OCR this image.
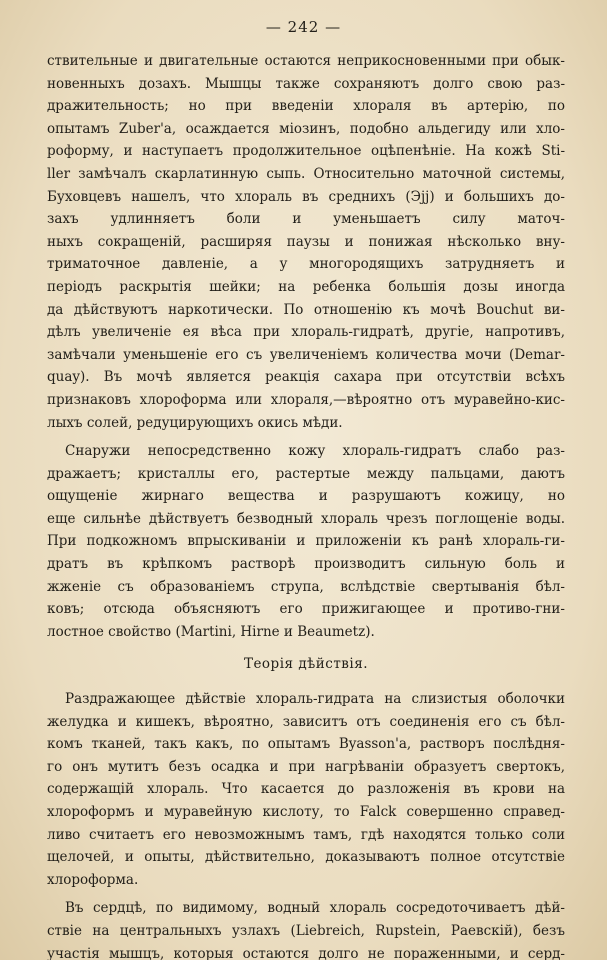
— 242 —
ствительные и двигательные остаются неприкосновенными при обык-
новенныхъ дозахъ. Мышцы также сохраняютъ долго свою раз-
дражительность; но при введеніи хлораля въ артерію, по
опытамъ Zuber'a, осаждается міозинъ, подобно альдегиду или хло-
роформу, и наступаетъ продолжительное оцѣпенѣніе. На кожѣ Sti-
ller замѣчалъ скарлатинную сыпь. Относительно маточной системы,
Буховцевъ нашелъ, что хлораль въ среднихъ (Эjj) и большихъ до-
захъ удлинняетъ боли и уменьшаетъ силу маточ-
ныхъ сокращеній, расширяя паузы и понижая нѣсколько вну-
триматочное давленіе, а у многородящихъ затрудняетъ и
періодъ раскрытія шейки; на ребенка большія дозы иногда
да дѣйствуютъ наркотически. По отношенію къ мочѣ Bouchut ви-
дѣлъ увеличеніе ея вѣса при хлораль-гидратѣ, другіе, напротивъ,
замѣчали уменьшеніе его съ увеличеніемъ количества мочи (Demar-
quay). Въ мочѣ является реакція сахара при отсутствіи всѣхъ
признаковъ хлороформа или хлораля,—вѣроятно отъ муравейно-кис-
лыхъ солей, редуцирующихъ окись мѣди.
Снаружи непосредственно кожу хлораль-гидратъ слабо раз-
дражаетъ; кристаллы его, растертые между пальцами, даютъ
ощущеніе жирнаго вещества и разрушаютъ кожицу, но
еще сильнѣе дѣйствуетъ безводный хлораль чрезъ поглощеніе воды.
При подкожномъ впрыскиваніи и приложеніи къ ранѣ хлораль-ги-
дратъ въ крѣпкомъ растворѣ производитъ сильную боль и
жженіе съ образованіемъ струпа, вслѣдствіе свертыванія бѣл-
ковъ; отсюда объясняютъ его прижигающее и противо-гни-
лостное свойство (Martini, Hirne и Beaumetz).
Теорія дѣйствія.
Раздражающее дѣйствіе хлораль-гидрата на слизистыя оболочки
желудка и кишекъ, вѣроятно, зависитъ отъ соединенія его съ бѣл-
комъ тканей, такъ какъ, по опытамъ Byasson'a, растворъ послѣдня-
го онъ мутитъ безъ осадка и при нагрѣваніи образуетъ свертокъ,
содержащій хлораль. Что касается до разложенія въ крови на
хлороформъ и муравейную кислоту, то Falck совершенно справед-
ливо считаетъ его невозможнымъ тамъ, гдѣ находятся только соли
щелочей, и опыты, дѣйствительно, доказываютъ полное отсутствіе
хлороформа.
Въ сердцѣ, по видимому, водный хлораль сосредоточиваетъ дѣй-
ствіе на центральныхъ узлахъ (Liebreich, Rupstein, Раевскій), безъ
участія мышцъ, которыя остаются долго не пораженными, и серд-
